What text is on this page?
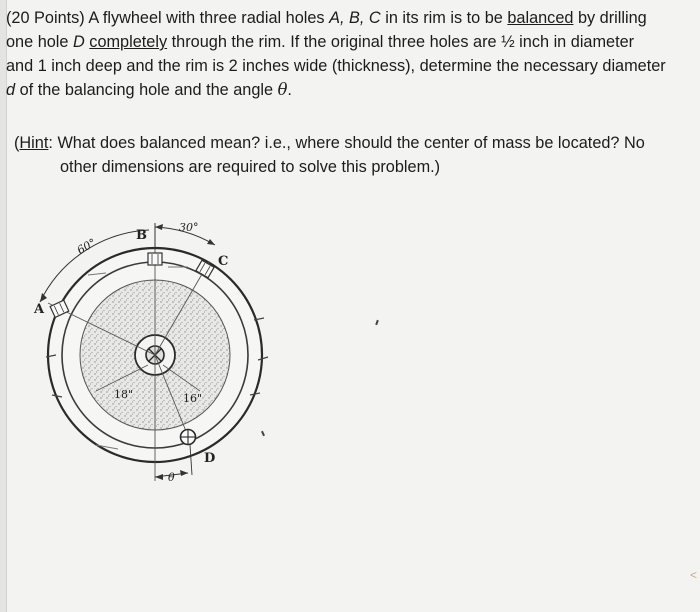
(20 Points) A flywheel with three radial holes A, B, C in its rim is to be balanced by drilling
one hole D completely through the rim. If the original three holes are ½ inch in diameter
and 1 inch deep and the rim is 2 inches wide (thickness), determine the necessary diameter
d of the balancing hole and the angle θ.
(Hint: What does balanced mean? i.e., where should the center of mass be located? No
other dimensions are required to solve this problem.)
B
A
C
D
60°
30°
18"	16"
θ
<
